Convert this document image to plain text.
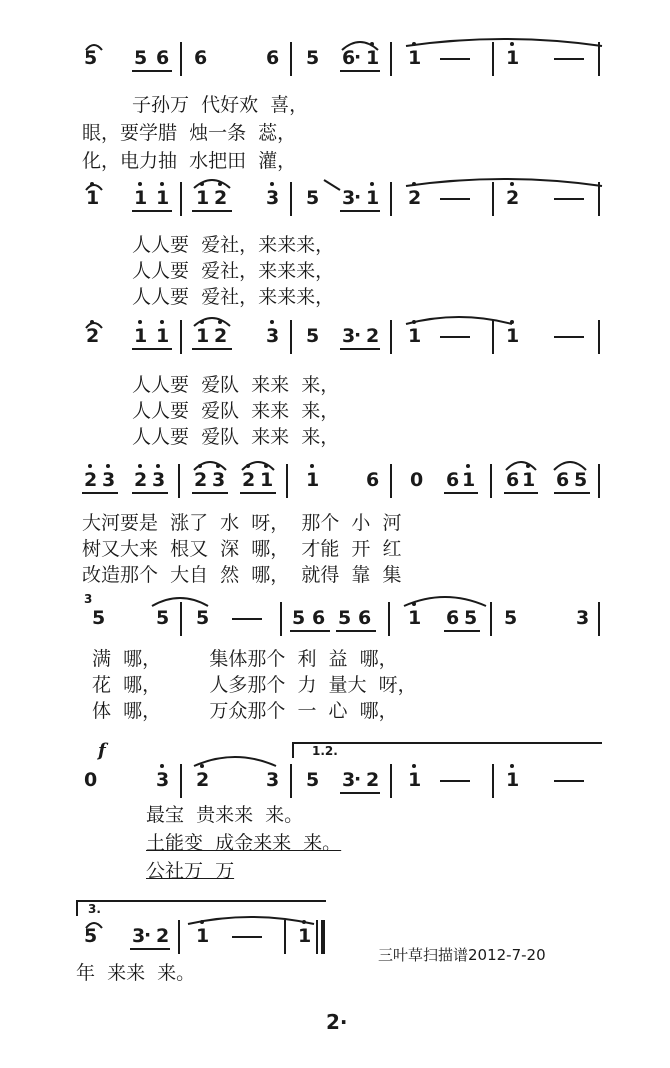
5 5 6 6	6 5 6
· 1 1	1
子孙万  代好欢  喜，
眼，要学腊  烛一条  蕊，
化，电力抽  水把田  灌，
1 1 1 1 2 3 5 3
· 1 2	2
人人要  爱社，来来来，
人人要  爱社，来来来，
人人要  爱社，来来来，
2 1 1 1 2 3 5 3
· 2 1	1
人人要  爱队  来来  来，
人人要  爱队  来来  来，
人人要  爱队  来来  来，
2 3 2 3 2 3 2 1 1 6 0 6 1 6 1 6 5
大河要是  涨了  水  呀，  那个  小  河
树又大来  根又  深  哪，  才能  开  红
改造那个  大自  然  哪，  就得  靠  集
3
5	5 5	5 6 5 6 1 6 5 5	3
满  哪，        集体那个  利  益  哪，
花  哪，        人多那个  力  量大  呀，
体  哪，        万众那个  一  心  哪，
f	1.2.
0	3 2	3 5 3
· 2 1	1
最宝  贵来来  来。
土能变  成金来来  来。
公社万  万
3.
5 3
· 2 1	1
年  来来  来。
三叶草扫描谱2012-7-20
2·
